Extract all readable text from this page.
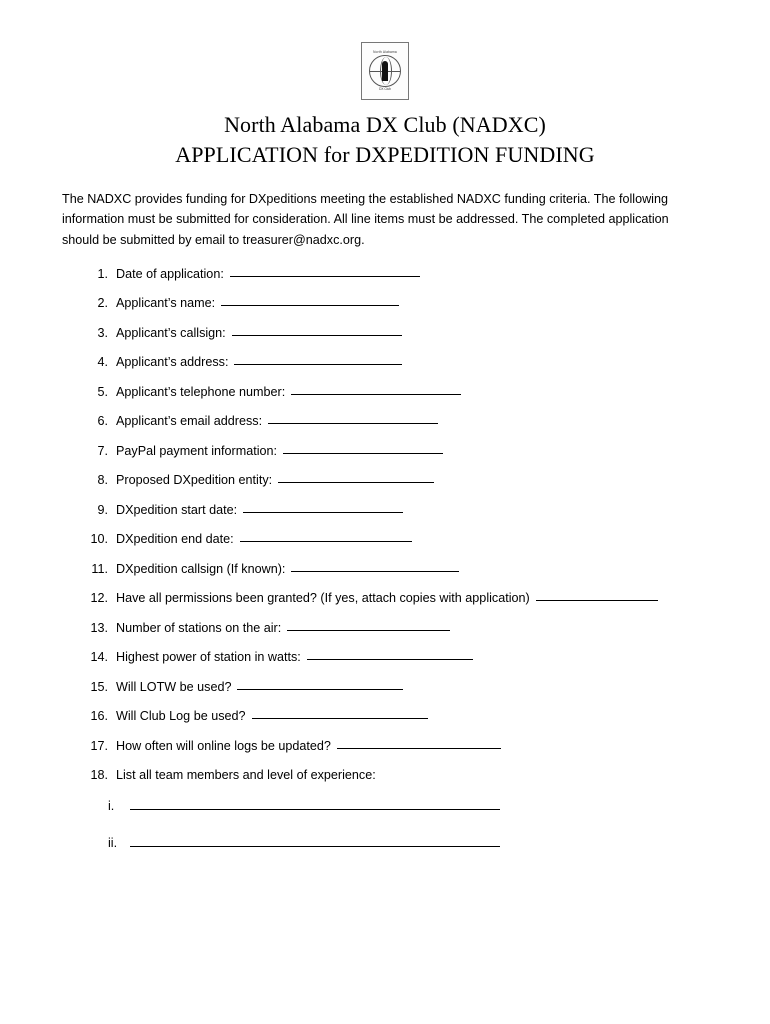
North Alabama
DX Club
North Alabama DX Club (NADXC)
APPLICATION for DXPEDITION FUNDING

The NADXC provides funding for DXpeditions meeting the established NADXC funding criteria. The following information must be submitted for consideration. All line items must be addressed. The completed application should be submitted by email to treasurer@nadxc.org.

1. Date of application:
2. Applicant’s name:
3. Applicant’s callsign:
4. Applicant’s address:
5. Applicant’s telephone number:
6. Applicant’s email address:
7. PayPal payment information:
8. Proposed DXpedition entity:
9. DXpedition start date:
10. DXpedition end date:
11. DXpedition callsign (If known):
12. Have all permissions been granted? (If yes, attach copies with application)
13. Number of stations on the air:
14. Highest power of station in watts:
15. Will LOTW be used?
16. Will Club Log be used?
17. How often will online logs be updated?
18. List all team members and level of experience:
i.
ii.
